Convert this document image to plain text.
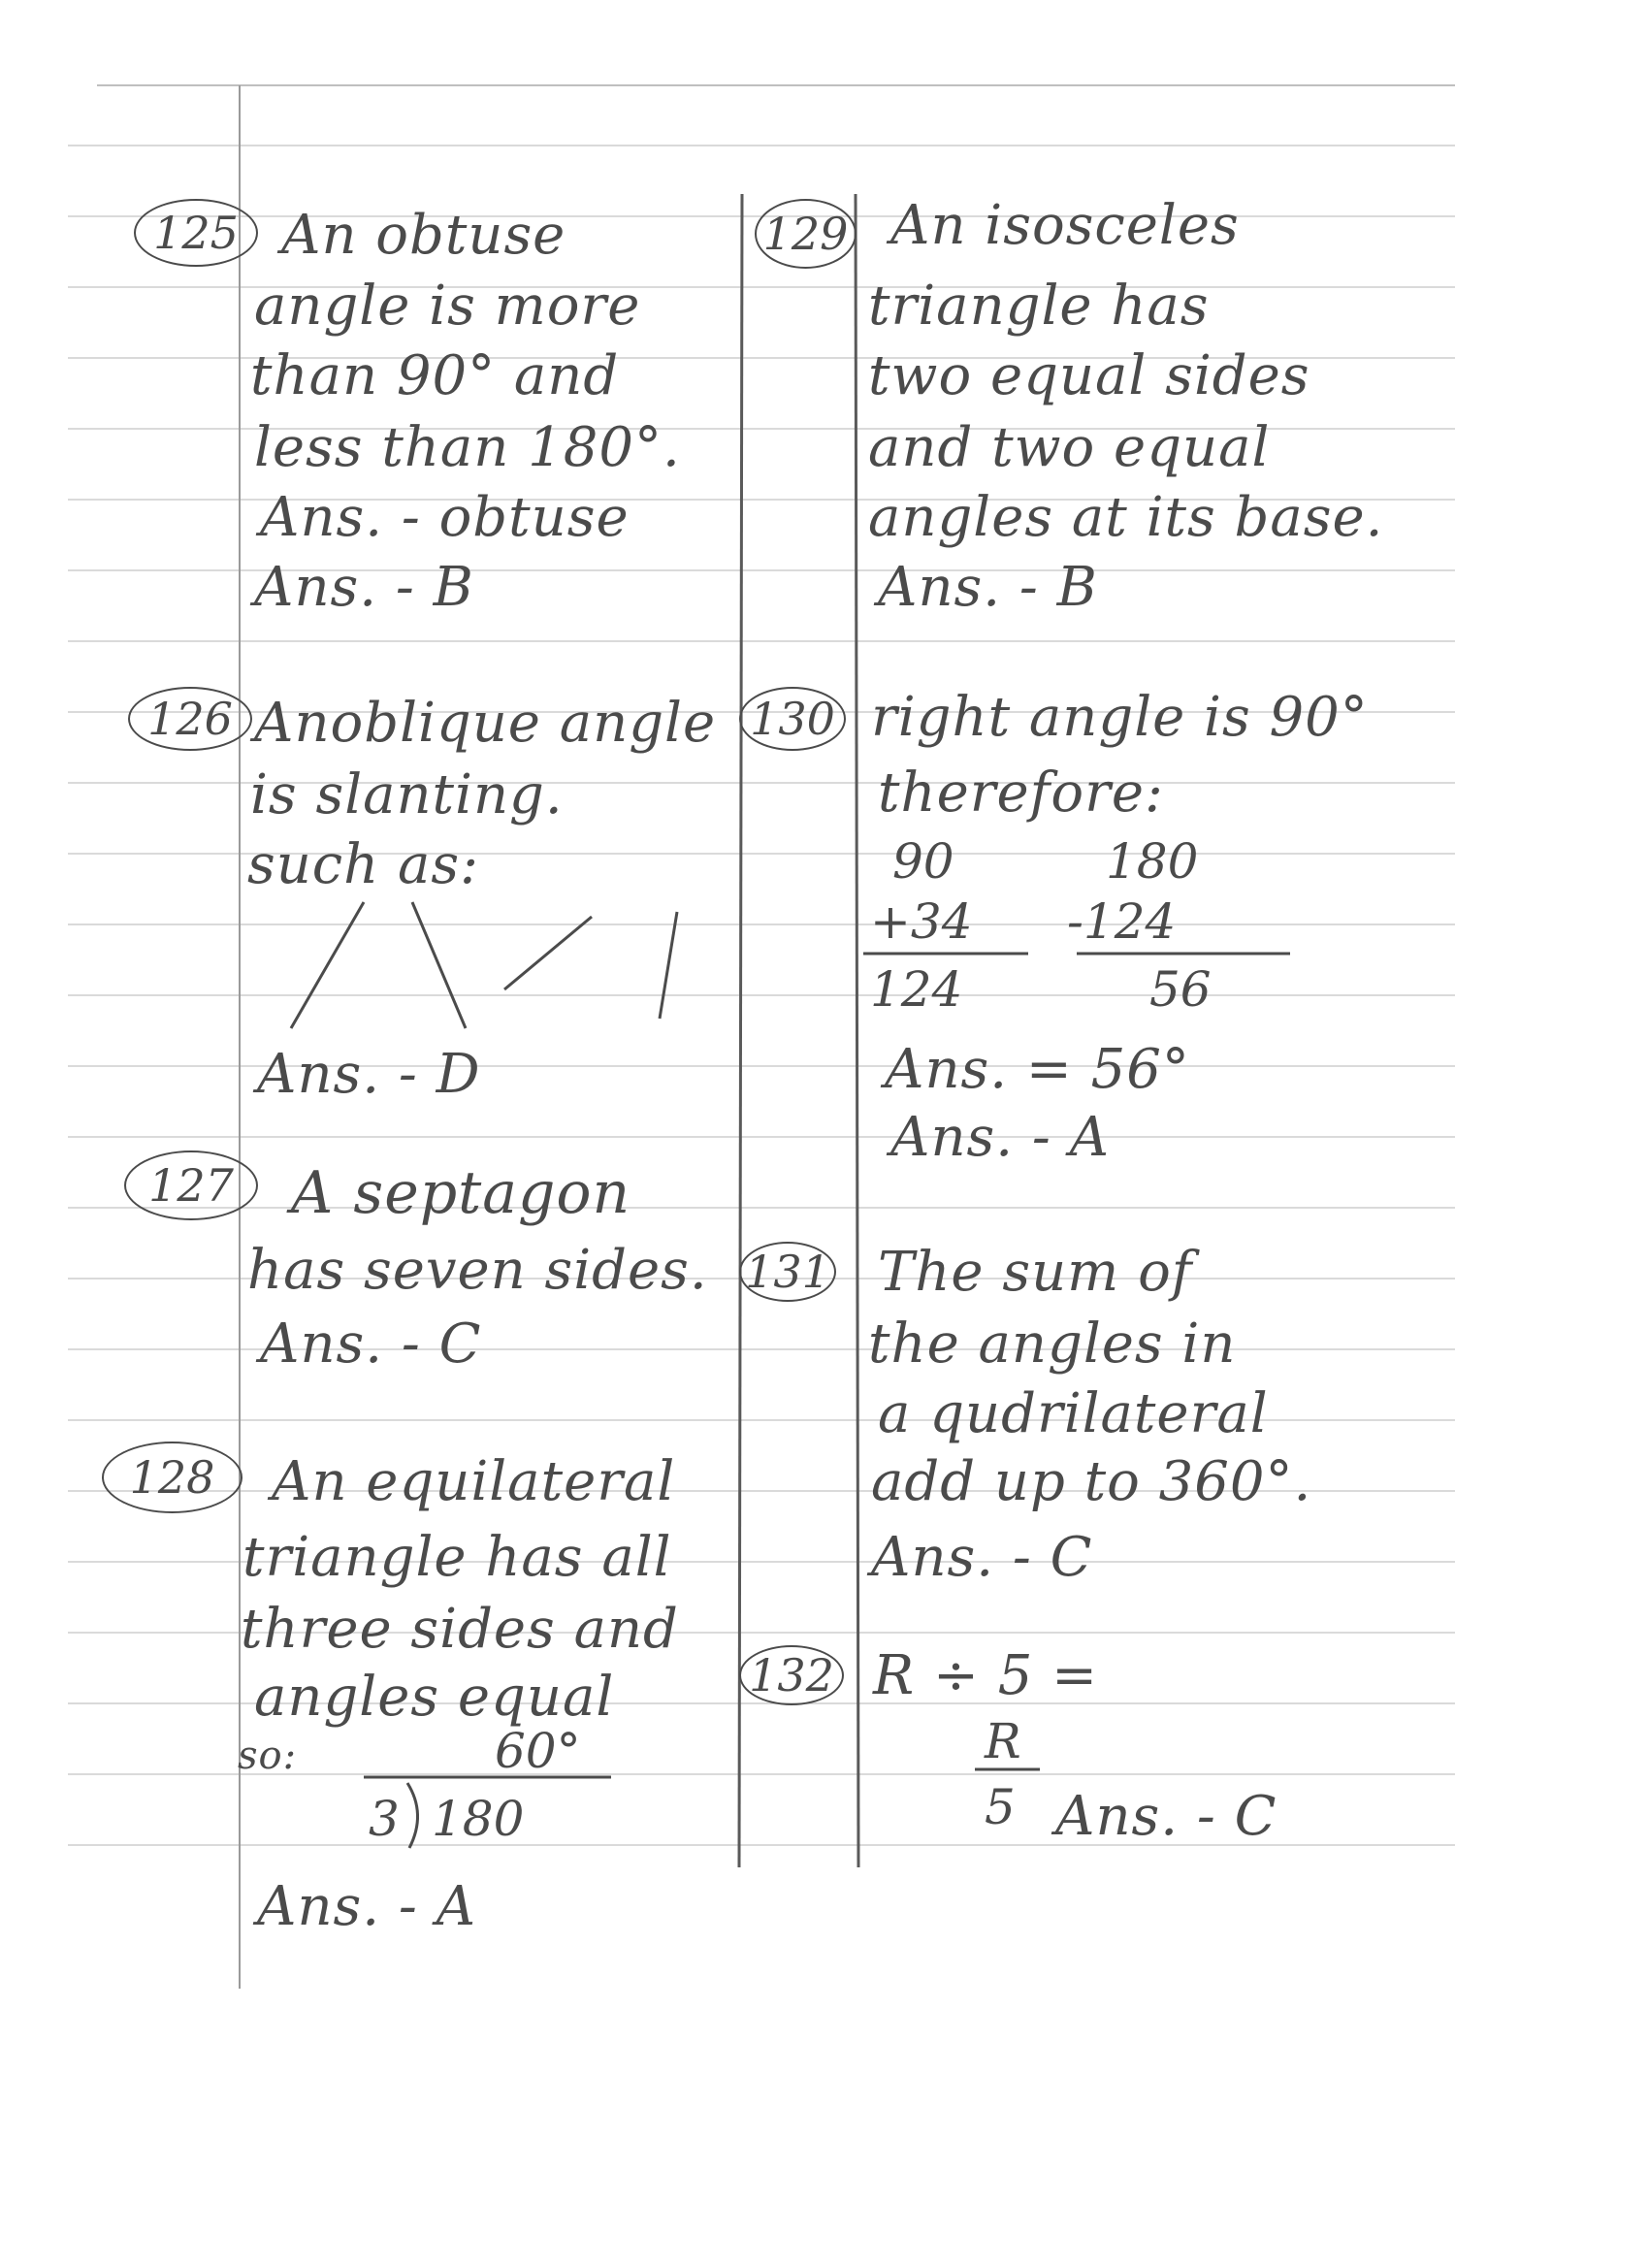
125 An obtuse
angle is more
than 90° and
less than 180°.
Ans. - obtuse
Ans. - B
126 Anoblique angle
is slanting.
such as:
Ans. - D
127 A septagon
has seven sides.
Ans. - C
128	An equilateral
triangle has all
three sides and
angles equal
so:	60°
3 180
Ans. - A
129 An isosceles
triangle has
two equal sides
and two equal
angles at its base.
Ans. - B
130 right angle is 90°
therefore:
90
+34
124
180
-124
56
Ans. = 56°
Ans. - A
131 The sum of
the angles in
a qudrilateral
add up to 360°.
Ans. - C
132 R ÷ 5 =
R
5 Ans. - C
